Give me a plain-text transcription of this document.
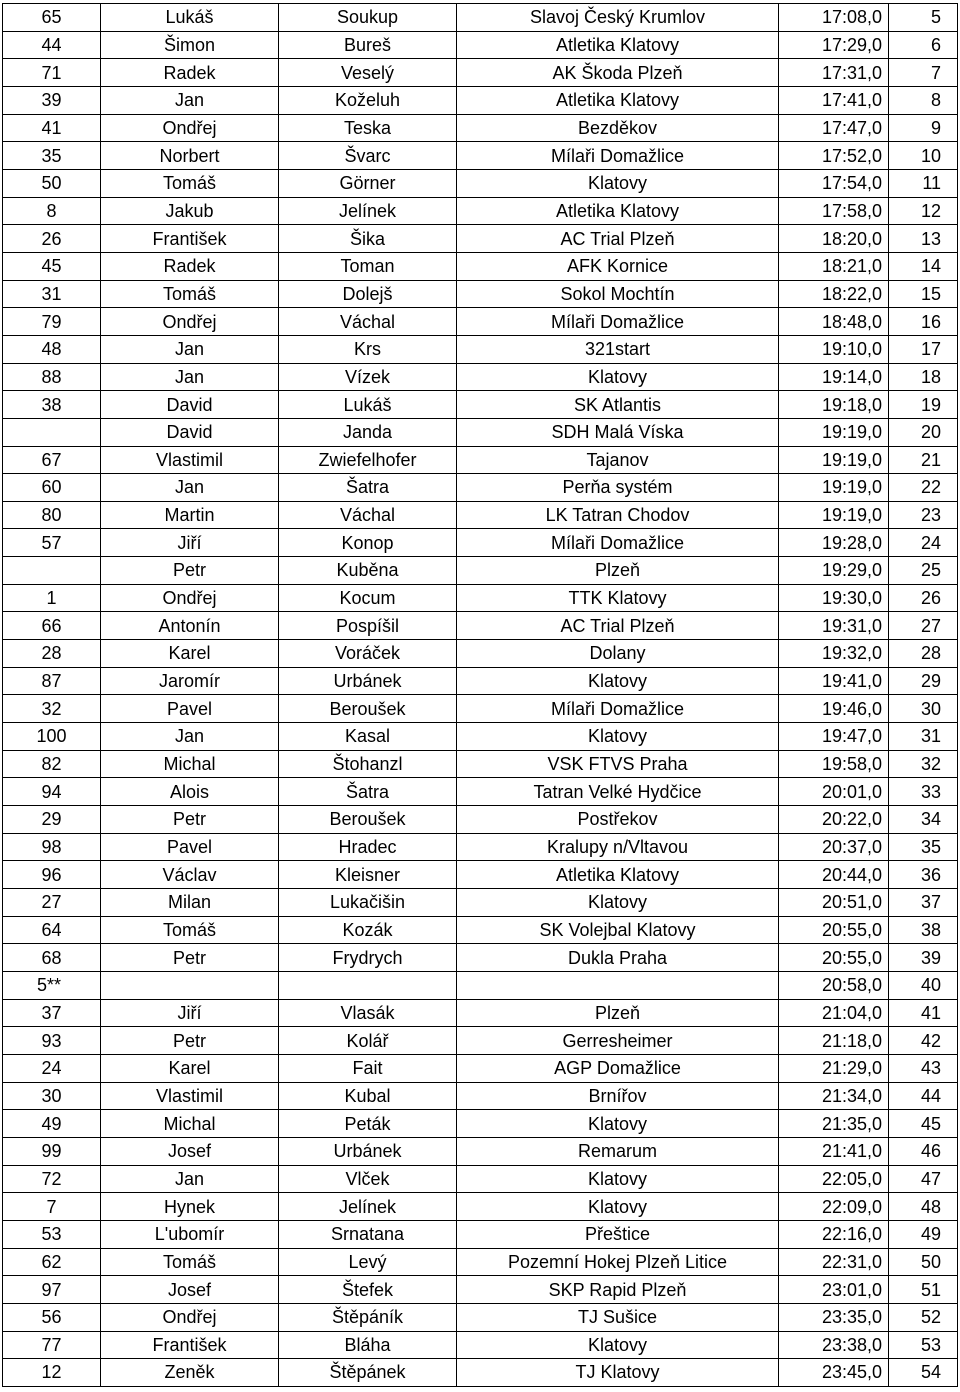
65	Lukáš	Soukup	Slavoj Český Krumlov	17:08,0	5
44	Šimon	Bureš	Atletika Klatovy	17:29,0	6
71	Radek	Veselý	AK Škoda Plzeň	17:31,0	7
39	Jan	Koželuh	Atletika Klatovy	17:41,0	8
41	Ondřej	Teska	Bezděkov	17:47,0	9
35	Norbert	Švarc	Mílaři Domažlice	17:52,0	10
50	Tomáš	Görner	Klatovy	17:54,0	11
8	Jakub	Jelínek	Atletika Klatovy	17:58,0	12
26	František	Šika	AC Trial Plzeň	18:20,0	13
45	Radek	Toman	AFK Kornice	18:21,0	14
31	Tomáš	Dolejš	Sokol Mochtín	18:22,0	15
79	Ondřej	Váchal	Mílaři Domažlice	18:48,0	16
48	Jan	Krs	321start	19:10,0	17
88	Jan	Vízek	Klatovy	19:14,0	18
38	David	Lukáš	SK Atlantis	19:18,0	19
	David	Janda	SDH Malá Víska	19:19,0	20
67	Vlastimil	Zwiefelhofer	Tajanov	19:19,0	21
60	Jan	Šatra	Perňa systém	19:19,0	22
80	Martin	Váchal	LK Tatran Chodov	19:19,0	23
57	Jiří	Konop	Mílaři Domažlice	19:28,0	24
	Petr	Kuběna	Plzeň	19:29,0	25
1	Ondřej	Kocum	TTK Klatovy	19:30,0	26
66	Antonín	Pospíšil	AC Trial Plzeň	19:31,0	27
28	Karel	Voráček	Dolany	19:32,0	28
87	Jaromír	Urbánek	Klatovy	19:41,0	29
32	Pavel	Beroušek	Mílaři Domažlice	19:46,0	30
100	Jan	Kasal	Klatovy	19:47,0	31
82	Michal	Štohanzl	VSK FTVS Praha	19:58,0	32
94	Alois	Šatra	Tatran Velké Hydčice	20:01,0	33
29	Petr	Beroušek	Postřekov	20:22,0	34
98	Pavel	Hradec	Kralupy n/Vltavou	20:37,0	35
96	Václav	Kleisner	Atletika Klatovy	20:44,0	36
27	Milan	Lukačišin	Klatovy	20:51,0	37
64	Tomáš	Kozák	SK Volejbal Klatovy	20:55,0	38
68	Petr	Frydrych	Dukla Praha	20:55,0	39
5**				20:58,0	40
37	Jiří	Vlasák	Plzeň	21:04,0	41
93	Petr	Kolář	Gerresheimer	21:18,0	42
24	Karel	Fait	AGP Domažlice	21:29,0	43
30	Vlastimil	Kubal	Brnířov	21:34,0	44
49	Michal	Peták	Klatovy	21:35,0	45
99	Josef	Urbánek	Remarum	21:41,0	46
72	Jan	Vlček	Klatovy	22:05,0	47
7	Hynek	Jelínek	Klatovy	22:09,0	48
53	L'ubomír	Srnatana	Přeštice	22:16,0	49
62	Tomáš	Levý	Pozemní Hokej Plzeň Litice	22:31,0	50
97	Josef	Štefek	SKP Rapid Plzeň	23:01,0	51
56	Ondřej	Štěpáník	TJ Sušice	23:35,0	52
77	František	Bláha	Klatovy	23:38,0	53
12	Zeněk	Štěpánek	TJ Klatovy	23:45,0	54
